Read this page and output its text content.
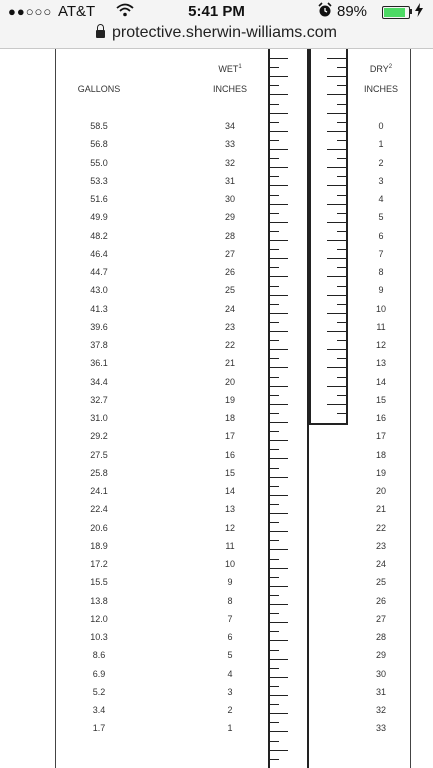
●●○○○ AT&T	5:41 PM	89%
protective.sherwin-williams.com
GALLONS
WET$^1$
INCHES
DRY$^2$
INCHES
58.5	34	0
56.8	33	1
55.0	32	2
53.3	31	3
51.6	30	4
49.9	29	5
48.2	28	6
46.4	27	7
44.7	26	8
43.0	25	9
41.3	24	10
39.6	23	11
37.8	22	12
36.1	21	13
34.4	20	14
32.7	19	15
31.0	18	16
29.2	17	17
27.5	16	18
25.8	15	19
24.1	14	20
22.4	13	21
20.6	12	22
18.9	11	23
17.2	10	24
15.5	9	25
13.8	8	26
12.0	7	27
10.3	6	28
8.6	5	29
6.9	4	30
5.2	3	31
3.4	2	32
1.7	1	33
